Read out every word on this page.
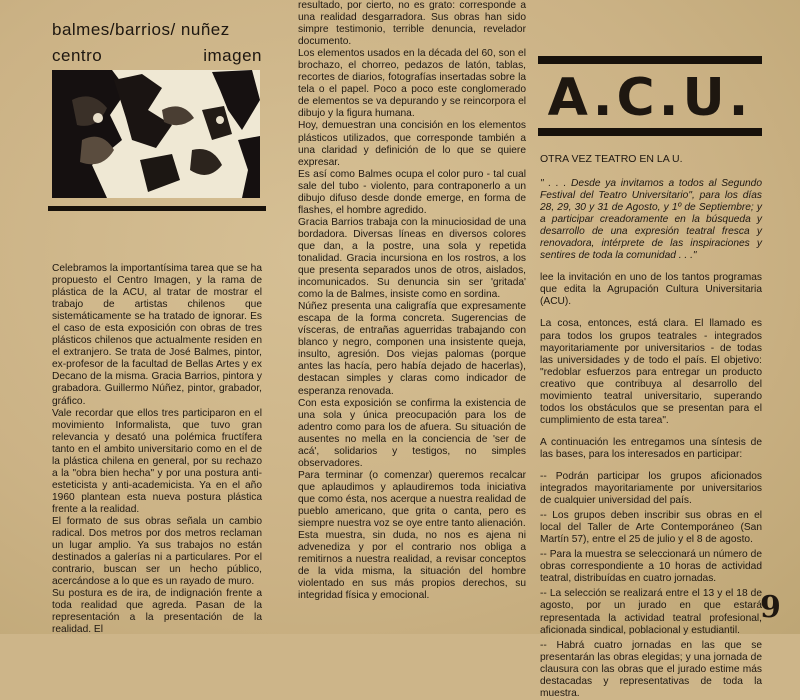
balmes/barrios/ nuñez
centro	imagen

Celebramos la importantísima tarea que se ha propuesto el Centro Imagen, y la rama de plástica de la ACU, al tratar de mostrar el trabajo de artistas chilenos que sistemáticamente se ha tratado de ignorar. Es el caso de esta exposición con obras de tres plásticos chilenos que actualmente residen en el extranjero. Se trata de José Balmes, pintor, ex-profesor de la facultad de Bellas Artes y ex Decano de la misma. Gracia Barrios, pintora y grabadora. Guillermo Núñez, pintor, grabador, gráfico.

Vale recordar que ellos tres participaron en el movimiento Informalista, que tuvo gran relevancia y desató una polémica fructífera tanto en el ambito universitario como en el de la plástica chilena en general, por su rechazo a la "obra bien hecha" y por una postura anti-esteticista y anti-academicista. Ya en el año 1960 plantean esta nueva postura plástica frente a la realidad.

El formato de sus obras señala un cambio radical. Dos metros por dos metros reclaman un lugar amplio. Ya sus trabajos no están destinados a galerías ni a particulares. Por el contrario, buscan ser un hecho público, acercándose a lo que es un rayado de muro.

Su postura es de ira, de indignación frente a toda realidad que agreda. Pasan de la representación a la presentación de la realidad. El

resultado, por cierto, no es grato: corresponde a una realidad desgarradora. Sus obras han sido simpre testimonio, terrible denuncia, revelador documento.

Los elementos usados en la década del 60, son el brochazo, el chorreo, pedazos de latón, tablas, recortes de diarios, fotografías insertadas sobre la tela o el papel. Poco a poco este conglomerado de elementos se va depurando y se reincorpora el dibujo y la figura humana.

Hoy, demuestran una concisión en los elementos plásticos utilizados, que corresponde también a una claridad y definición de lo que se quiere expresar.

Es así como Balmes ocupa el color puro - tal cual sale del tubo - violento, para contraponerlo a un dibujo difuso desde donde emerge, en forma de flashes, el hombre agredido.

Gracia Barrios trabaja con la minuciosidad de una bordadora. Diversas líneas en diversos colores que dan, a la postre, una sola y repetida tonalidad. Gracia incursiona en los rostros, a los que presenta separados unos de otros, aislados, incomunicados. Su denuncia sin ser 'gritada' como la de Balmes, insiste como en sordina.

Núñez presenta una caligrafía que expresamente escapa de la forma concreta. Sugerencias de vísceras, de entrañas aguerridas trabajando con blanco y negro, componen una insistente queja, insulto, agresión. Dos viejas palomas (porque antes las hacía, pero había dejado de hacerlas), destacan simples y claras como indicador de esperanza renovada.

Con esta exposición se confirma la existencia de una sola y única preocupación para los de adentro como para los de afuera. Su situación de ausentes no mella en la conciencia de 'ser de acá', solidarios y testigos, no simples observadores.

Para terminar (o comenzar) queremos recalcar que aplaudimos y aplaudiremos toda iniciativa que como ésta, nos acerque a nuestra realidad de pueblo americano, que grita o canta, pero es siempre nuestra voz se oye entre tanto alienación.

Esta muestra, sin duda, no nos es ajena ni advenediza y por el contrario nos obliga a remitirnos a nuestra realidad, a revisar conceptos de la vida misma, la situación del hombre violentado en sus más propios derechos, su integridad física y emocional.

A.C.U.
OTRA VEZ TEATRO EN LA U.

" . . . Desde ya invitamos a todos al Segundo Festival del Teatro Universitario", para los días 28, 29, 30 y 31 de Agosto, y 1º de Septiembre; y a participar creadoramente en la búsqueda y desarrollo de una expresión teatral fresca y renovadora, intérprete de las inspiraciones y sentires de toda la comunidad . . ."

lee la invitación en uno de los tantos programas que edita la Agrupación Cultura Universitaria (ACU).

La cosa, entonces, está clara. El llamado es para todos los grupos teatrales - integrados mayoritariamente por universitarios - de todas las universidades y de todo el país. El objetivo: "redoblar esfuerzos para entregar un producto creativo que contribuya al desarrollo del movimiento teatral universitario, superando todos los obstáculos que se presentan para el cumplimiento de esta tarea".

A continuación les entregamos una síntesis de las bases, para los interesados en participar:

-- Podrán participar los grupos aficionados integrados mayoritariamente por universitarios de cualquier universidad del país.

-- Los grupos deben inscribir sus obras en el local del Taller de Arte Contemporáneo (San Martín 57), entre el 25 de julio y el 8 de agosto.

-- Para la muestra se seleccionará un número de obras correspondiente a 10 horas de actividad teatral, distribuídas en cuatro jornadas.

-- La selección se realizará entre el 13 y el 18 de agosto, por un jurado en que estará representada la actividad teatral profesional, aficionada sindical, poblacional y estudiantil.

-- Habrá cuatro jornadas en las que se presentarán las obras elegidas; y una jornada de clausura con las obras que el jurado estime más destacadas y representativas de toda la muestra.

9
